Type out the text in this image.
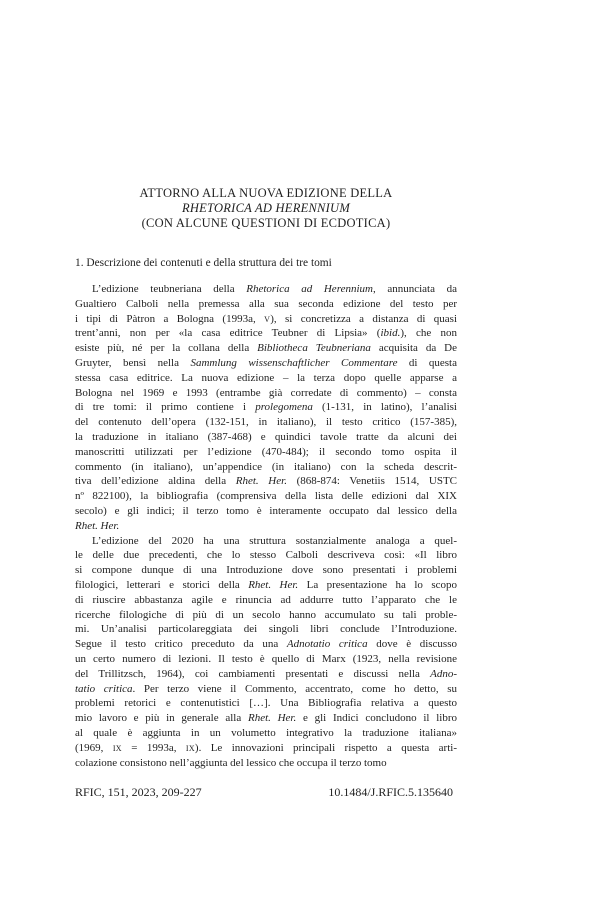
ATTORNO ALLA NUOVA EDIZIONE DELLA
RHETORICA AD HERENNIUM
(CON ALCUNE QUESTIONI DI ECDOTICA)
1. Descrizione dei contenuti e della struttura dei tre tomi
L’edizione teubneriana della Rhetorica ad Herennium, annunciata da
Gualtiero Calboli nella premessa alla sua seconda edizione del testo per
i tipi di Pàtron a Bologna (1993a, v), si concretizza a distanza di quasi
trent’anni, non per «la casa editrice Teubner di Lipsia» (ibid.), che non
esiste più, né per la collana della Bibliotheca Teubneriana acquisita da De
Gruyter, bensì nella Sammlung wissenschaftlicher Commentare di questa
stessa casa editrice. La nuova edizione – la terza dopo quelle apparse a
Bologna nel 1969 e 1993 (entrambe già corredate di commento) – consta
di tre tomi: il primo contiene i prolegomena (1-131, in latino), l’analisi
del contenuto dell’opera (132-151, in italiano), il testo critico (157-385),
la traduzione in italiano (387-468) e quindici tavole tratte da alcuni dei
manoscritti utilizzati per l’edizione (470-484); il secondo tomo ospita il
commento (in italiano), un’appendice (in italiano) con la scheda descrit-
tiva dell’edizione aldina della Rhet. Her. (868-874: Venetiis 1514, USTC
nº 822100), la bibliografia (comprensiva della lista delle edizioni dal XIX
secolo) e gli indici; il terzo tomo è interamente occupato dal lessico della
Rhet. Her.
L’edizione del 2020 ha una struttura sostanzialmente analoga a quel-
le delle due precedenti, che lo stesso Calboli descriveva così: «Il libro
si compone dunque di una Introduzione dove sono presentati i problemi
filologici, letterari e storici della Rhet. Her. La presentazione ha lo scopo
di riuscire abbastanza agile e rinuncia ad addurre tutto l’apparato che le
ricerche filologiche di più di un secolo hanno accumulato su tali proble-
mi. Un’analisi particolareggiata dei singoli libri conclude l’Introduzione.
Segue il testo critico preceduto da una Adnotatio critica dove è discusso
un certo numero di lezioni. Il testo è quello di Marx (1923, nella revisione
del Trillitzsch, 1964), coi cambiamenti presentati e discussi nella Adno-
tatio critica. Per terzo viene il Commento, accentrato, come ho detto, su
problemi retorici e contenutistici […]. Una Bibliografia relativa a questo
mio lavoro e più in generale alla Rhet. Her. e gli Indici concludono il libro
al quale è aggiunta in un volumetto integrativo la traduzione italiana»
(1969, ix = 1993a, ix). Le innovazioni principali rispetto a questa arti-
colazione consistono nell’aggiunta del lessico che occupa il terzo tomo
RFIC, 151, 2023, 209-227	10.1484/J.RFIC.5.135640
